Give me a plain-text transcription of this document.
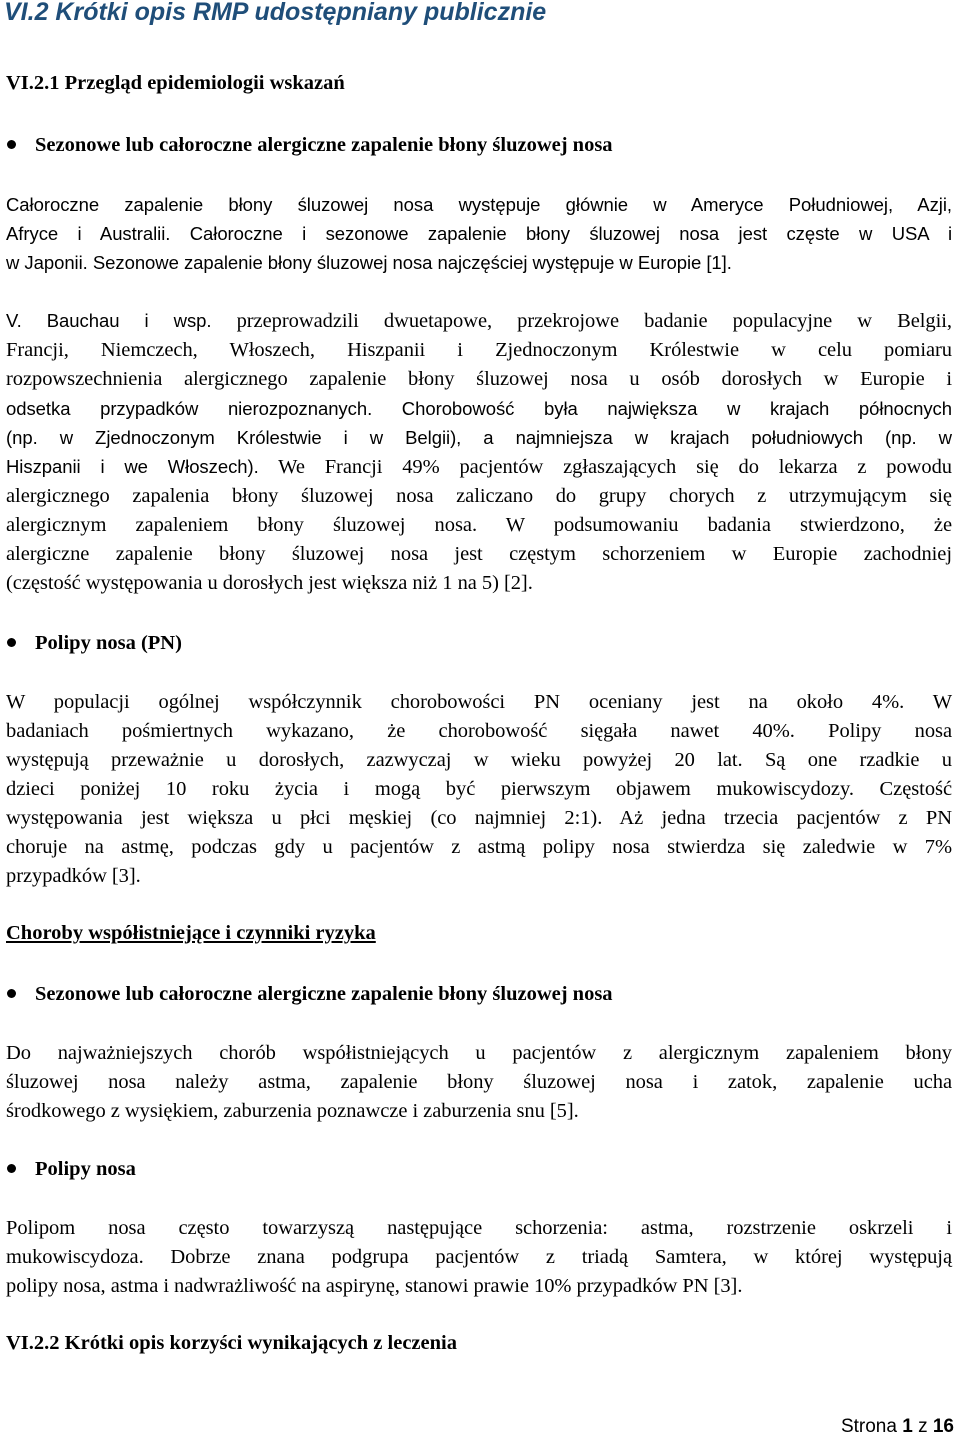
VI.2 Krótki opis RMP udostępniany publicznie
VI.2.1 Przegląd epidemiologii wskazań

Sezonowe lub całoroczne alergiczne zapalenie błony śluzowej nosa

Całoroczne zapalenie błony śluzowej nosa występuje głównie w Ameryce Południowej, Azji,
Afryce i Australii. Całoroczne i sezonowe zapalenie błony śluzowej nosa jest częste w USA i
w Japonii. Sezonowe zapalenie błony śluzowej nosa najczęściej występuje w Europie [1].
V. Bauchau i wsp. przeprowadzili dwuetapowe, przekrojowe badanie populacyjne w Belgii,
Francji, Niemczech, Włoszech, Hiszpanii i Zjednoczonym Królestwie w celu pomiaru
rozpowszechnienia alergicznego zapalenie błony śluzowej nosa u osób dorosłych w Europie i
odsetka przypadków nierozpoznanych. Chorobowość była największa w krajach północnych
(np. w Zjednoczonym Królestwie i w Belgii), a najmniejsza w krajach południowych (np. w
Hiszpanii i we Włoszech). We Francji 49% pacjentów zgłaszających się do lekarza z powodu
alergicznego zapalenia błony śluzowej nosa zaliczano do grupy chorych z utrzymującym się
alergicznym zapaleniem błony śluzowej nosa. W podsumowaniu badania stwierdzono, że
alergiczne zapalenie błony śluzowej nosa jest częstym schorzeniem w Europie zachodniej
(częstość występowania u dorosłych jest większa niż 1 na 5) [2].

Polipy nosa (PN)

W populacji ogólnej współczynnik chorobowości PN oceniany jest na około 4%. W
badaniach pośmiertnych wykazano, że chorobowość sięgała nawet 40%. Polipy nosa
występują przeważnie u dorosłych, zazwyczaj w wieku powyżej 20 lat. Są one rzadkie u
dzieci poniżej 10 roku życia i mogą być pierwszym objawem mukowiscydozy. Częstość
występowania jest większa u płci męskiej (co najmniej 2:1). Aż jedna trzecia pacjentów z PN
choruje na astmę, podczas gdy u pacjentów z astmą polipy nosa stwierdza się zaledwie w 7%
przypadków [3].
Choroby współistniejące i czynniki ryzyka

Sezonowe lub całoroczne alergiczne zapalenie błony śluzowej nosa

Do najważniejszych chorób współistniejących u pacjentów z alergicznym zapaleniem błony
śluzowej nosa należy astma, zapalenie błony śluzowej nosa i zatok, zapalenie ucha
środkowego z wysiękiem, zaburzenia poznawcze i zaburzenia snu [5].

Polipy nosa

Polipom nosa często towarzyszą następujące schorzenia: astma, rozstrzenie oskrzeli i
mukowiscydoza. Dobrze znana podgrupa pacjentów z triadą Samtera, w której występują
polipy nosa, astma i nadwrażliwość na aspirynę, stanowi prawie 10% przypadków PN [3].
VI.2.2 Krótki opis korzyści wynikających z leczenia
Strona 1 z 16
